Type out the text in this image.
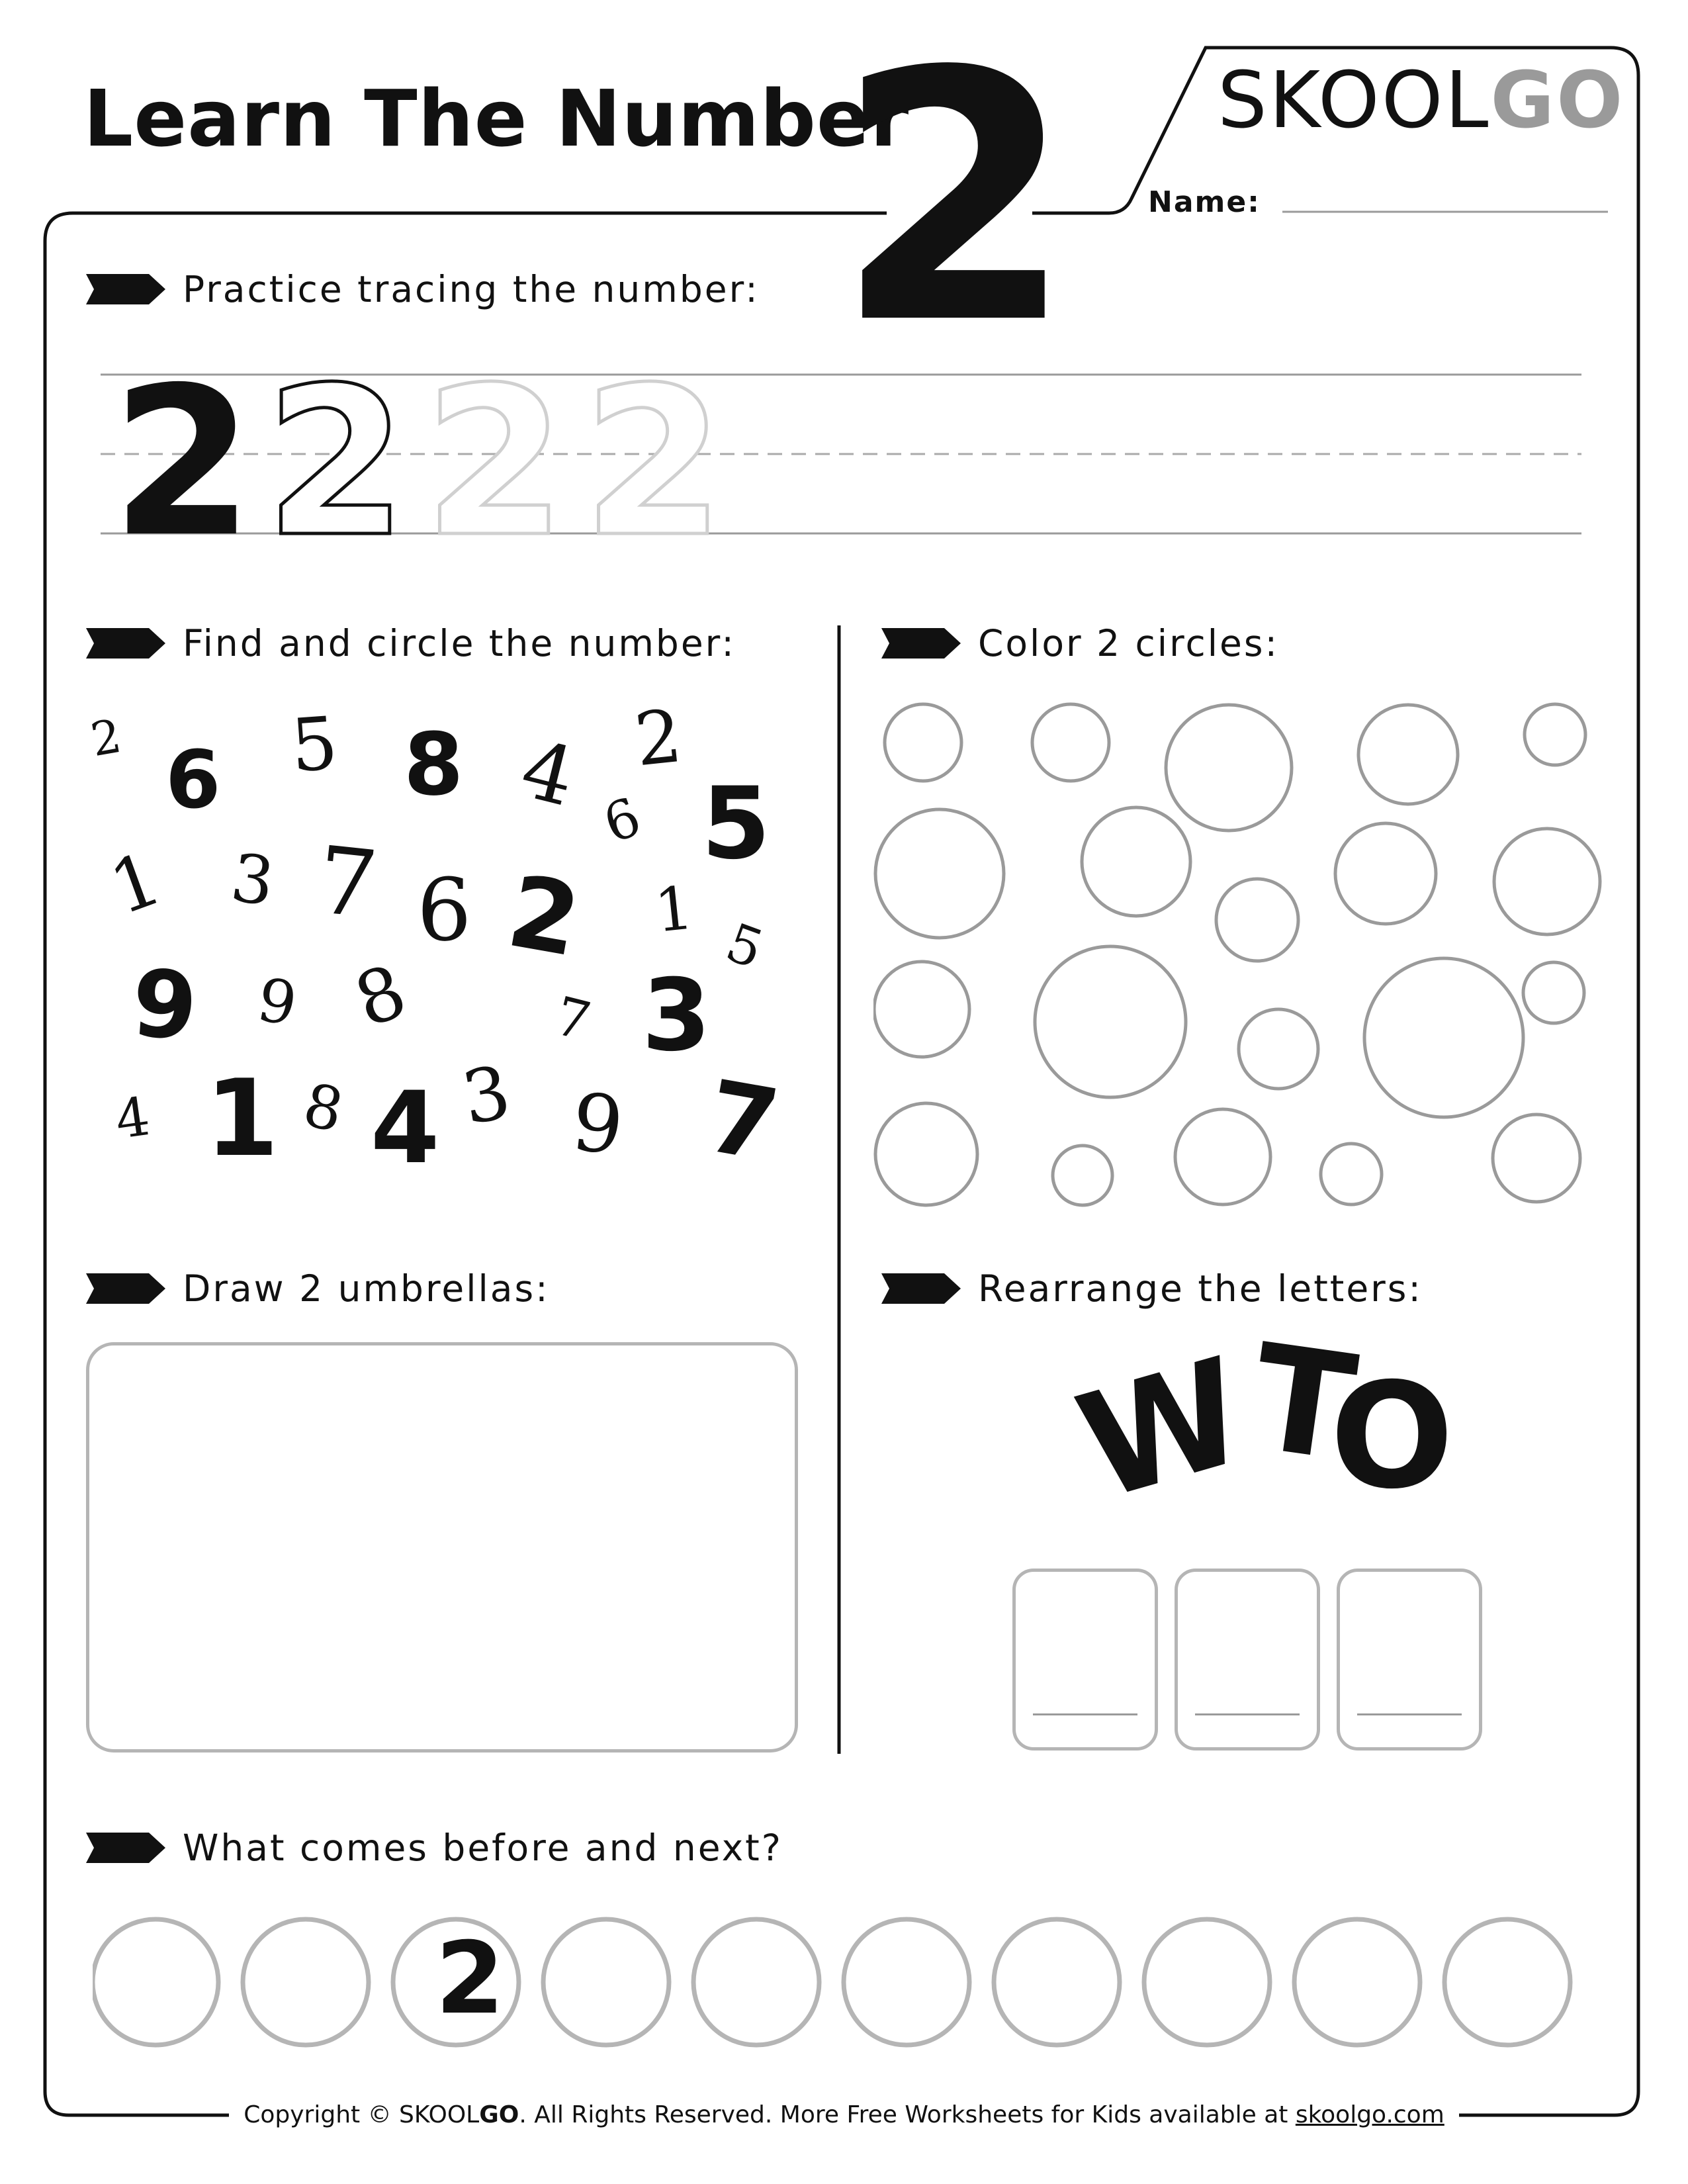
Learn The Number
2 SKOOLGO
Name:
Practice tracing the number:
2 2 2 2
Find and circle the number:
2 6 5 8 4 2
6 5
1 3 7 6 2 1 5
9 9 8 7 3
4 1 8 4 3 9 7
Color 2 circles:
Draw 2 umbrellas:	Rearrange the letters:
W
T
O
What comes before and next?
2
Copyright © SKOOLGO. All Rights Reserved. More Free Worksheets for Kids available at skoolgo.com
